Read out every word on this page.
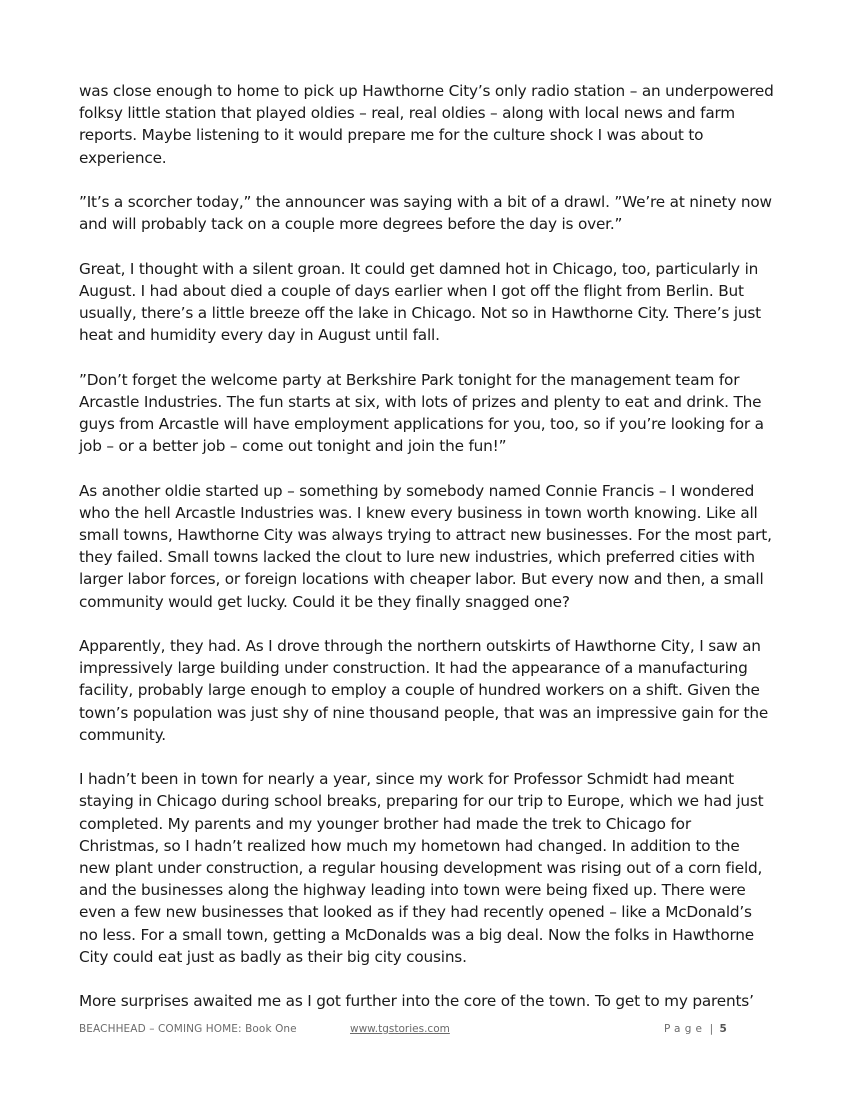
was close enough to home to pick up Hawthorne City’s only radio station – an underpowered folksy little station that played oldies – real, real oldies – along with local news and farm reports. Maybe listening to it would prepare me for the culture shock I was about to experience.

”It’s a scorcher today,” the announcer was saying with a bit of a drawl. ”We’re at ninety now and will probably tack on a couple more degrees before the day is over.”

Great, I thought with a silent groan. It could get damned hot in Chicago, too, particularly in August. I had about died a couple of days earlier when I got off the flight from Berlin. But usually, there’s a little breeze off the lake in Chicago. Not so in Hawthorne City. There’s just heat and humidity every day in August until fall.

”Don’t forget the welcome party at Berkshire Park tonight for the management team for Arcastle Industries. The fun starts at six, with lots of prizes and plenty to eat and drink. The guys from Arcastle will have employment applications for you, too, so if you’re looking for a job – or a better job – come out tonight and join the fun!”

As another oldie started up – something by somebody named Connie Francis – I wondered who the hell Arcastle Industries was. I knew every business in town worth knowing. Like all small towns, Hawthorne City was always trying to attract new businesses. For the most part, they failed. Small towns lacked the clout to lure new industries, which preferred cities with larger labor forces, or foreign locations with cheaper labor. But every now and then, a small community would get lucky. Could it be they finally snagged one?

Apparently, they had. As I drove through the northern outskirts of Hawthorne City, I saw an impressively large building under construction. It had the appearance of a manufacturing facility, probably large enough to employ a couple of hundred workers on a shift. Given the town’s population was just shy of nine thousand people, that was an impressive gain for the community.

I hadn’t been in town for nearly a year, since my work for Professor Schmidt had meant staying in Chicago during school breaks, preparing for our trip to Europe, which we had just completed. My parents and my younger brother had made the trek to Chicago for Christmas, so I hadn’t realized how much my hometown had changed. In addition to the new plant under construction, a regular housing development was rising out of a corn field, and the businesses along the highway leading into town were being fixed up. There were even a few new businesses that looked as if they had recently opened – like a McDonald’s no less. For a small town, getting a McDonalds was a big deal. Now the folks in Hawthorne City could eat just as badly as their big city cousins.

More surprises awaited me as I got further into the core of the town. To get to my parents’

BEACHHEAD – COMING HOME: Book One	www.tgstories.com	Page | 5
